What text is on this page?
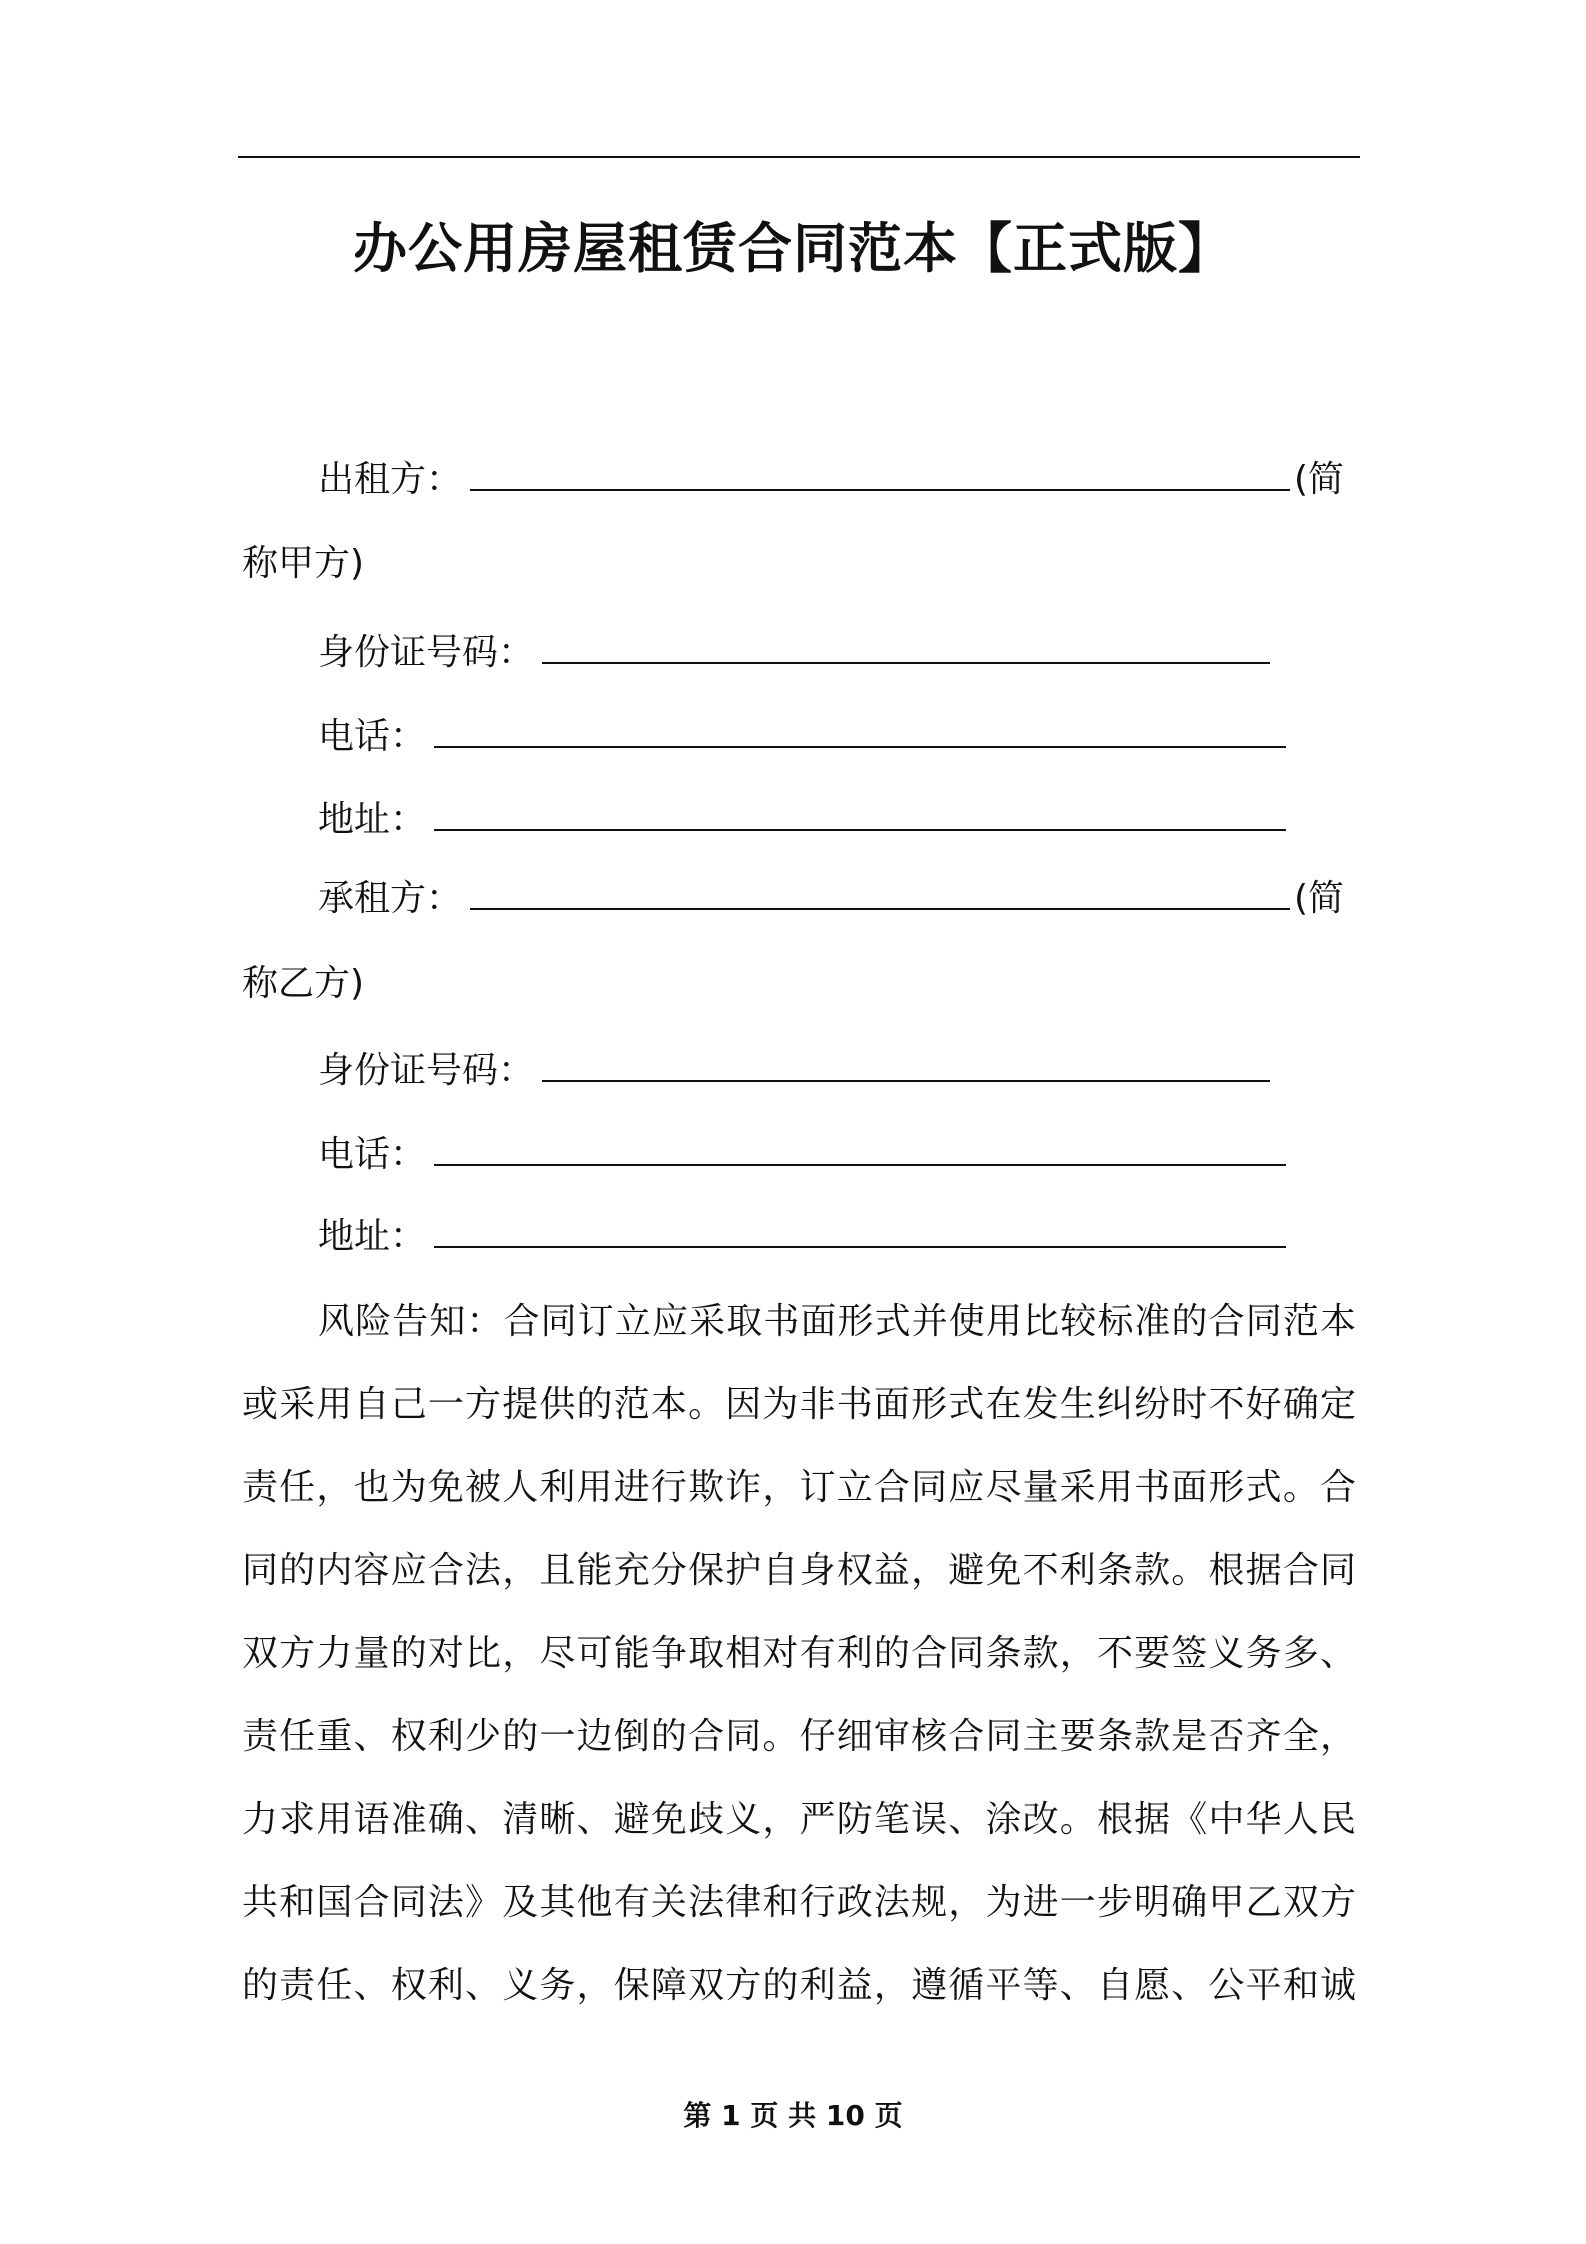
办公用房屋租赁合同范本【正式版】
出租方：	(简
称甲方)
身份证号码：
电话：
地址：
承租方：	(简
称乙方)
身份证号码：
电话：
地址：
风险告知：合同订立应采取书面形式并使用比较标准的合同范本
或采用自己一方提供的范本。因为非书面形式在发生纠纷时不好确定
责任，也为免被人利用进行欺诈，订立合同应尽量采用书面形式。合
同的内容应合法，且能充分保护自身权益，避免不利条款。根据合同
双方力量的对比，尽可能争取相对有利的合同条款，不要签义务多、
责任重、权利少的一边倒的合同。仔细审核合同主要条款是否齐全，
力求用语准确、清晰、避免歧义，严防笔误、涂改。根据《中华人民
共和国合同法》及其他有关法律和行政法规，为进一步明确甲乙双方
的责任、权利、义务，保障双方的利益，遵循平等、自愿、公平和诚
第 1 页 共 10 页
